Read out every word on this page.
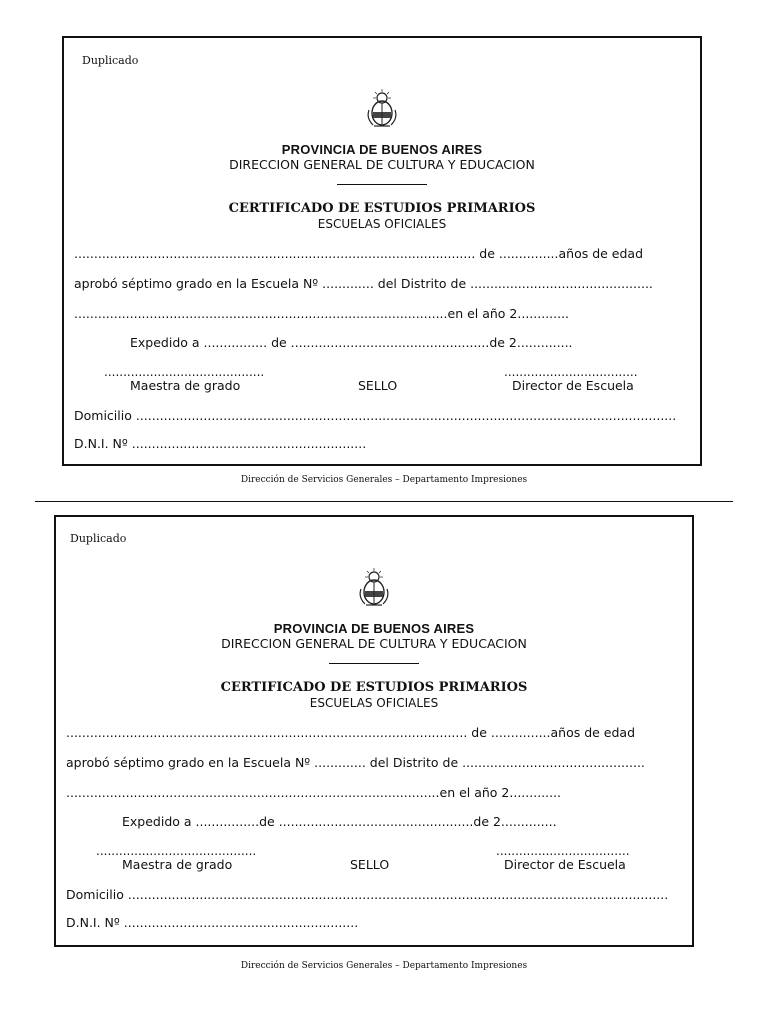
Duplicado
PROVINCIA DE BUENOS AIRES
DIRECCION GENERAL DE CULTURA Y EDUCACION
CERTIFICADO DE ESTUDIOS PRIMARIOS
ESCUELAS OFICIALES
..................................................................................................... de ...............años de edad
aprobó séptimo grado en la Escuela Nº ............. del Distrito de ..............................................
..............................................................................................en el año 2.............
Expedido a ................ de ..................................................de 2..............
..........................................	...................................
Maestra de grado	SELLO	Director de Escuela
Domicilio ........................................................................................................................................
D.N.I. Nº ...........................................................
Dirección de Servicios Generales – Departamento Impresiones
Duplicado
PROVINCIA DE BUENOS AIRES
DIRECCION GENERAL DE CULTURA Y EDUCACION
CERTIFICADO DE ESTUDIOS PRIMARIOS
ESCUELAS OFICIALES
..................................................................................................... de ...............años de edad
aprobó séptimo grado en la Escuela Nº ............. del Distrito de ..............................................
..............................................................................................en el año 2.............
Expedido a ................de .................................................de 2..............
..........................................	...................................
Maestra de grado	SELLO	Director de Escuela
Domicilio ........................................................................................................................................
D.N.I. Nº ...........................................................
Dirección de Servicios Generales – Departamento Impresiones
